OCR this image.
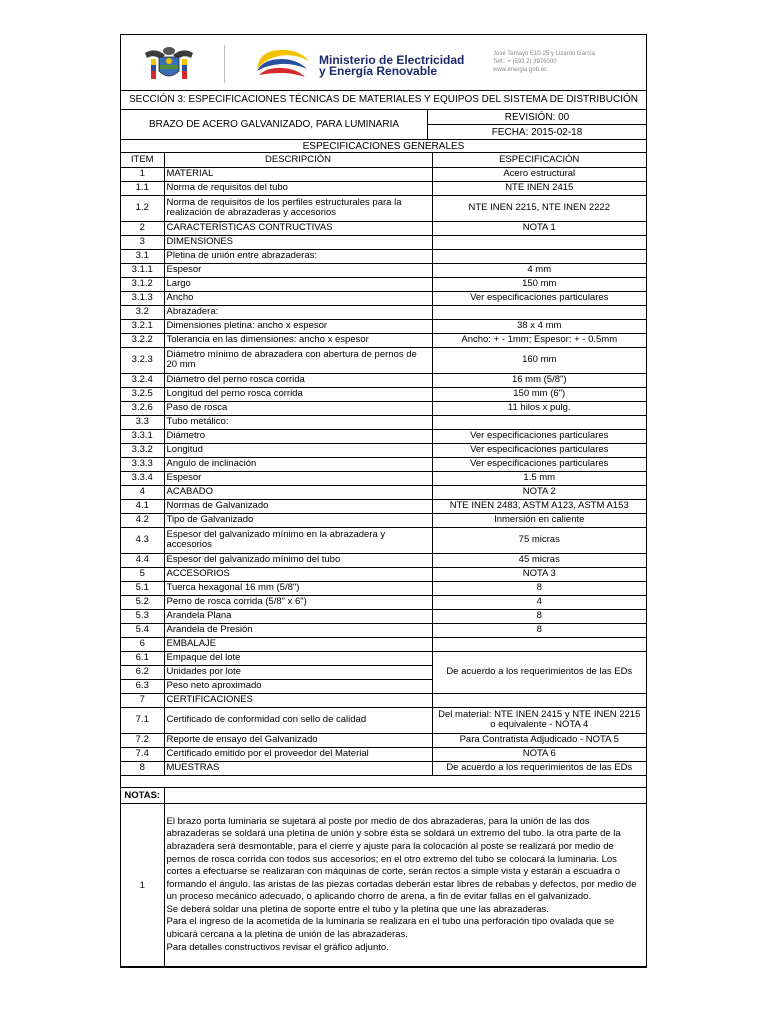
Ministerio de Electricidad
y Energía Renovable
José Tamayo E10-25 y Lizardo García
Telf.: + (593 2) 3976000
www.energia.gob.ec
SECCIÓN 3: ESPECIFICACIONES TÉCNICAS DE MATERIALES Y EQUIPOS DEL SISTEMA DE DISTRIBUCIÓN
BRAZO DE ACERO GALVANIZADO, PARA LUMINARIA
REVISIÓN: 00
FECHA: 2015-02-18
ESPECIFICACIONES GENERALES
ITEM	DESCRIPCIÓN	ESPECIFICACIÓN
1	MATERIAL	Acero estructural
1.1	Norma de requisitos del tubo	NTE INEN 2415
1.2	Norma de requisitos de los perfiles estructurales para la realización de abrazaderas y accesorios	NTE INEN 2215, NTE INEN 2222
2	CARACTERÍSTICAS CONTRUCTIVAS	NOTA 1
3	DIMENSIONES	
3.1	Pletina de unión entre abrazaderas:	
3.1.1	Espesor	4 mm
3.1.2	Largo	150 mm
3.1.3	Ancho	Ver especificaciones particulares
3.2	Abrazadera:	
3.2.1	Dimensiones pletina: ancho x espesor	38 x 4 mm
3.2.2	Tolerancia en las dimensiones: ancho x espesor	Ancho: + - 1mm; Espesor: + - 0.5mm
3.2.3	Diámetro mínimo de abrazadera con abertura de pernos de 20 mm	160 mm
3.2.4	Diámetro del perno rosca corrida	16 mm (5/8")
3.2.5	Longitud del perno rosca corrida	150 mm (6")
3.2.6	Paso de rosca	11 hilos x pulg.
3.3	Tubo metálico:	
3.3.1	Diámetro	Ver especificaciones particulares
3.3.2	Longitud	Ver especificaciones particulares
3.3.3	Angulo de inclinación	Ver especificaciones particulares
3.3.4	Espesor	1.5 mm
4	ACABADO	NOTA 2
4.1	Normas de Galvanizado	NTE INEN 2483, ASTM A123, ASTM A153
4.2	Tipo de Galvanizado	Inmersión en caliente
4.3	Espesor del galvanizado mínimo en la abrazadera y accesorios	75 micras
4.4	Espesor del galvanizado mínimo del tubo	45 micras
5	ACCESORIOS	NOTA 3
5.1	Tuerca hexagonal 16 mm (5/8")	8
5.2	Perno de rosca corrida (5/8" x 6")	4
5.3	Arandela Plana	8
5.4	Arandela de Presión	8
6	EMBALAJE	
6.1	Empaque del lote	De acuerdo a los requerimientos de las EDs
6.2	Unidades por lote	
6.3	Peso neto aproximado	
7	CERTIFICACIONES	
7.1	Certificado de conformidad con sello de calidad	Del material: NTE INEN 2415 y NTE INEN 2215 o equivalente - NOTA 4
7.2	Reporte de ensayo del Galvanizado	Para Contratista Adjudicado - NOTA 5
7.4	Certificado emitido por el proveedor del Material	NOTA 6
8	MUESTRAS	De acuerdo a los requerimientos de las EDs
NOTAS:	
1	El brazo porta luminaria se sujetará al poste por medio de dos abrazaderas, para la unión de las dos abrazaderas se soldará una pletina de unión y sobre ésta se soldará un extremo del tubo. la otra parte de la abrazadera será desmontable, para el cierre y ajuste para la colocación al poste se realizará por medio de pernos de rosca corrida con todos sus accesorios; en el otro extremo del tubo se colocará la luminaria. Los cortes a efectuarse se realizaran con máquinas de corte, serán rectos a simple vista y estarán a escuadra o formando el ángulo. las aristas de las piezas cortadas deberán estar libres de rebabas y defectos, por medio de un proceso mecánico adecuado, o aplicando chorro de arena, a fin de evitar fallas en el galvanizado.

Se deberá soldar una pletina de soporte entre el tubo y la pletina que une las abrazaderas.

Para el ingreso de la acometida de la luminaria se realizara en el tubo una perforación tipo ovalada que se ubicará cercana a la pletina de unión de las abrazaderas.

Para detalles constructivos revisar el gráfico adjunto.
